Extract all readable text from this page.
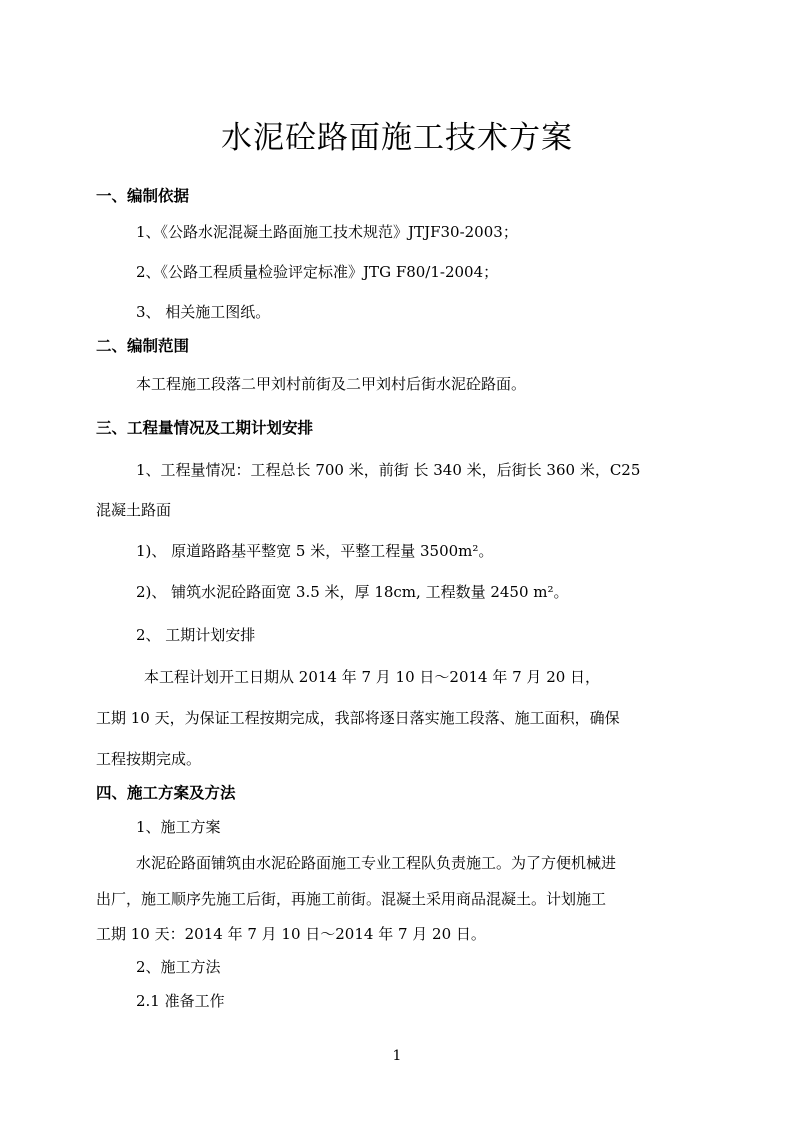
水泥砼路面施工技术方案
一、编制依据
1、《公路水泥混凝土路面施工技术规范》JTJF30-2003；
2、《公路工程质量检验评定标准》JTG F80/1-2004；
3、 相关施工图纸。
二、编制范围
本工程施工段落二甲刘村前街及二甲刘村后街水泥砼路面。
三、工程量情况及工期计划安排
1、工程量情况：工程总长 700 米，前街 长 340 米，后街长 360 米，C25
混凝土路面
1)、 原道路路基平整宽 5 米，平整工程量 3500m²。
2)、 铺筑水泥砼路面宽 3.5 米，厚 18cm, 工程数量 2450 m²。
2、 工期计划安排
本工程计划开工日期从 2014 年 7 月 10 日～2014 年 7 月 20 日，
工期 10 天，为保证工程按期完成，我部将逐日落实施工段落、施工面积，确保
工程按期完成。
四、施工方案及方法
1、施工方案
水泥砼路面铺筑由水泥砼路面施工专业工程队负责施工。为了方便机械进
出厂，施工顺序先施工后街，再施工前街。混凝土采用商品混凝土。计划施工
工期 10 天：2014 年 7 月 10 日～2014 年 7 月 20 日。
2、施工方法
2.1 准备工作
1
